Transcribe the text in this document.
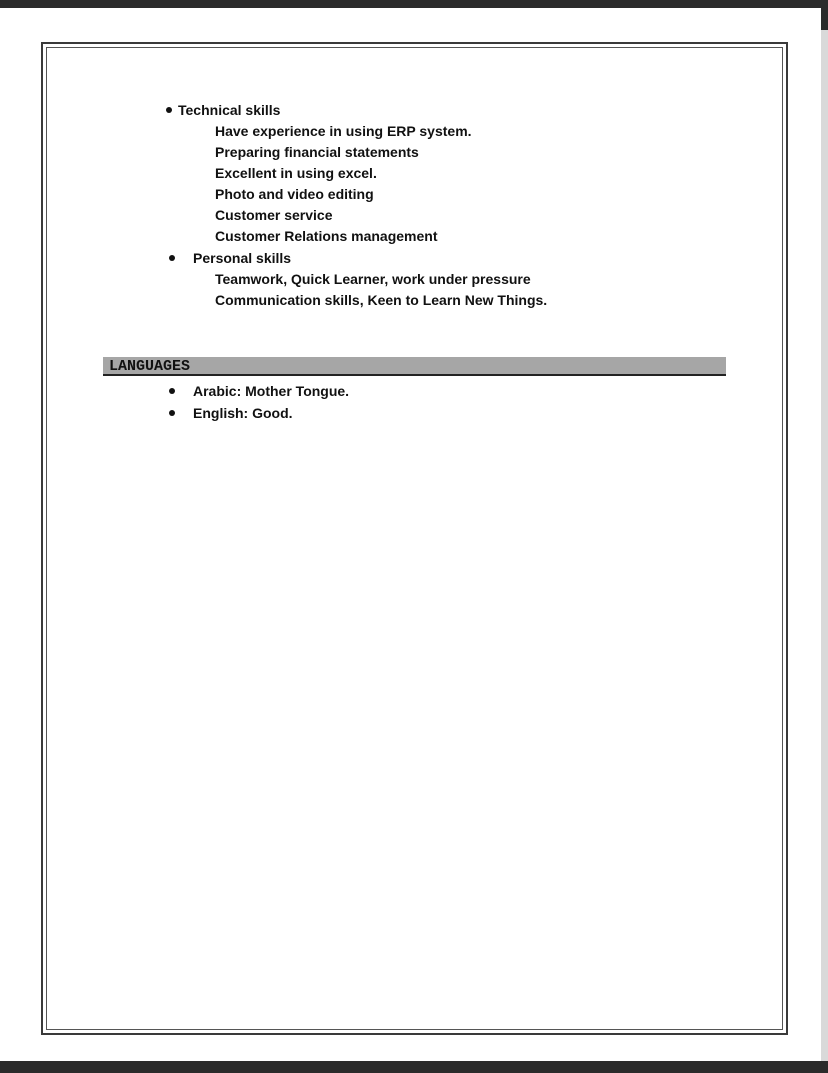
Technical skills
Have experience in using ERP system.
Preparing financial statements
Excellent in using excel.
Photo and video editing
Customer service
Customer Relations management
Personal skills
Teamwork, Quick Learner, work under pressure
Communication skills, Keen to Learn New Things.
LANGUAGES
Arabic: Mother Tongue.
English: Good.
